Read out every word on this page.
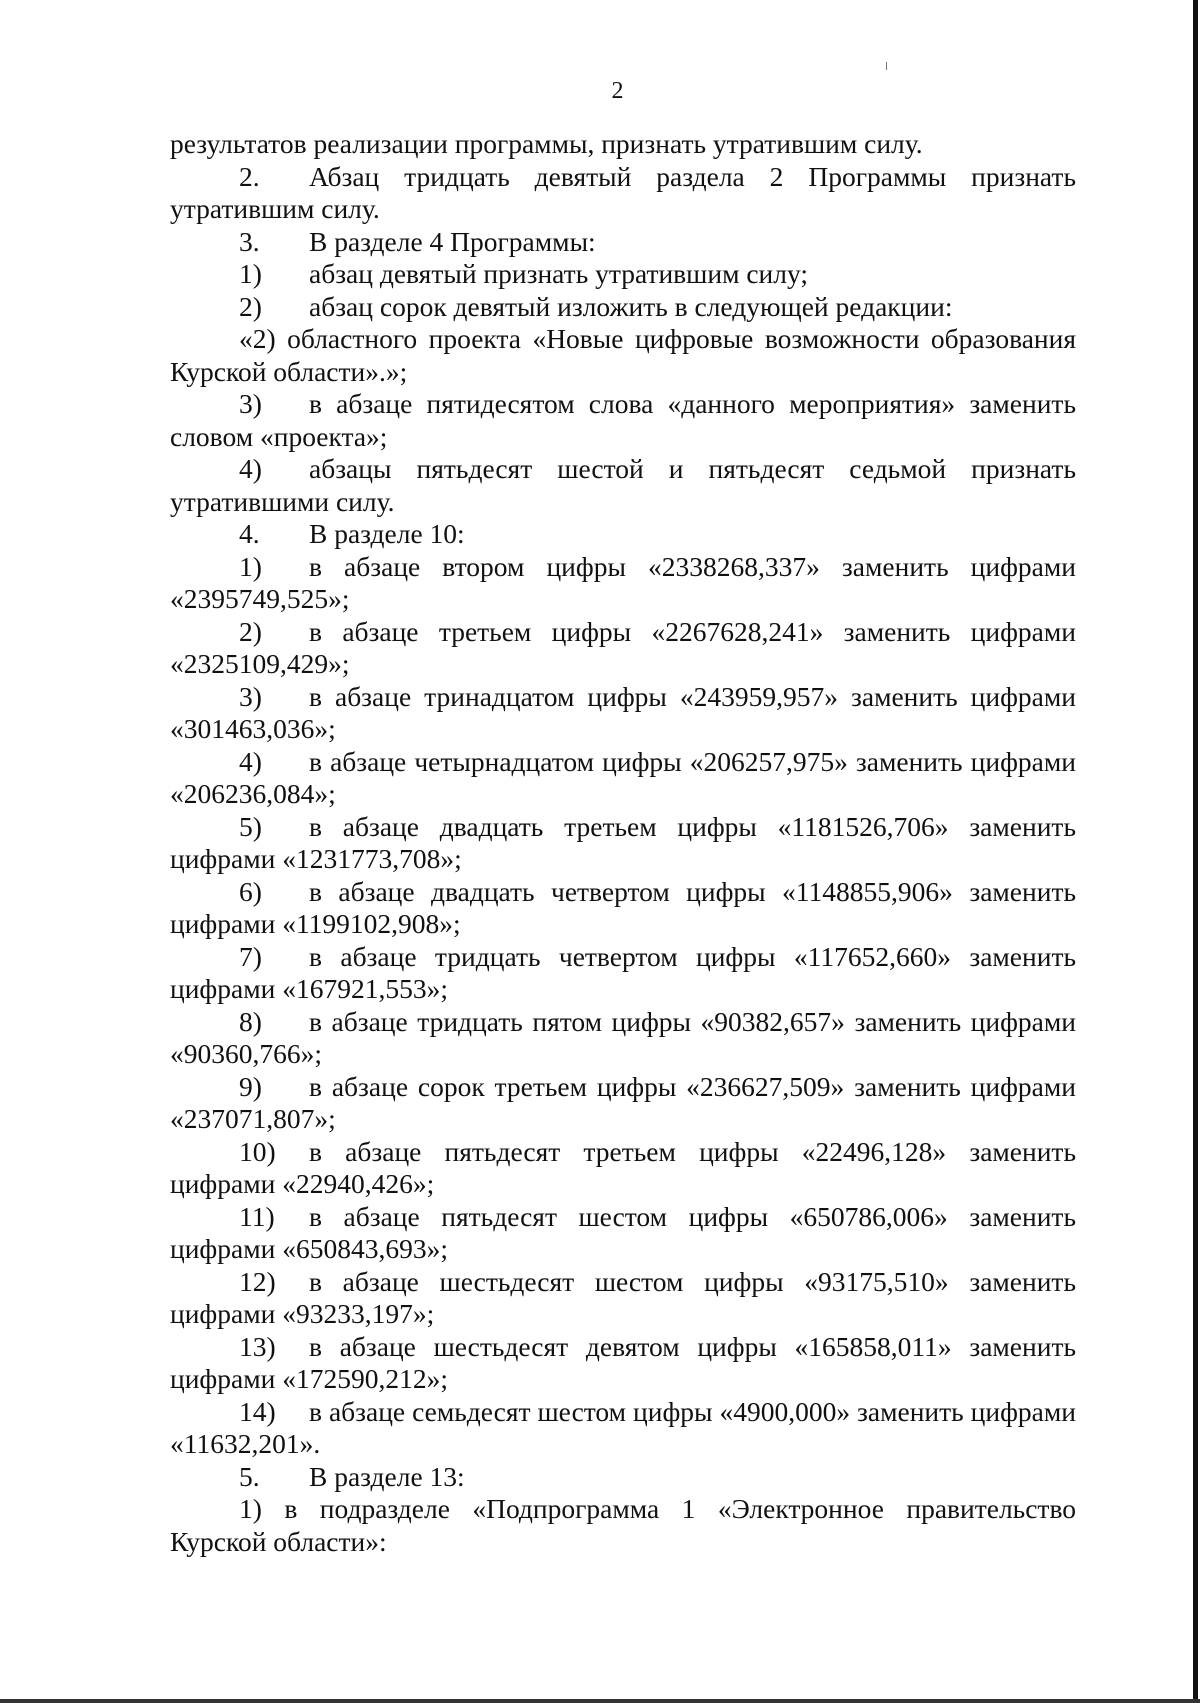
2

результатов реализации программы, признать утратившим силу.

2. Абзац тридцать девятый раздела 2 Программы признать утратившим силу.

3. В разделе 4 Программы:

1) абзац девятый признать утратившим силу;

2) абзац сорок девятый изложить в следующей редакции:

«2) областного проекта «Новые цифровые возможности образования Курской области».»;

3) в абзаце пятидесятом слова «данного мероприятия» заменить словом «проекта»;

4) абзацы пятьдесят шестой и пятьдесят седьмой признать утратившими силу.

4. В разделе 10:

1) в абзаце втором цифры «2338268,337» заменить цифрами «2395749,525»;

2) в абзаце третьем цифры «2267628,241» заменить цифрами «2325109,429»;

3) в абзаце тринадцатом цифры «243959,957» заменить цифрами «301463,036»;

4) в абзаце четырнадцатом цифры «206257,975» заменить цифрами «206236,084»;

5) в абзаце двадцать третьем цифры «1181526,706» заменить цифрами «1231773,708»;

6) в абзаце двадцать четвертом цифры «1148855,906» заменить цифрами «1199102,908»;

7) в абзаце тридцать четвертом цифры «117652,660» заменить цифрами «167921,553»;

8) в абзаце тридцать пятом цифры «90382,657» заменить цифрами «90360,766»;

9) в абзаце сорок третьем цифры «236627,509» заменить цифрами «237071,807»;

10) в абзаце пятьдесят третьем цифры «22496,128» заменить цифрами «22940,426»;

11) в абзаце пятьдесят шестом цифры «650786,006» заменить цифрами «650843,693»;

12) в абзаце шестьдесят шестом цифры «93175,510» заменить цифрами «93233,197»;

13) в абзаце шестьдесят девятом цифры «165858,011» заменить цифрами «172590,212»;

14) в абзаце семьдесят шестом цифры «4900,000» заменить цифрами «11632,201».

5. В разделе 13:

1) в подразделе «Подпрограмма 1 «Электронное правительство Курской области»:
